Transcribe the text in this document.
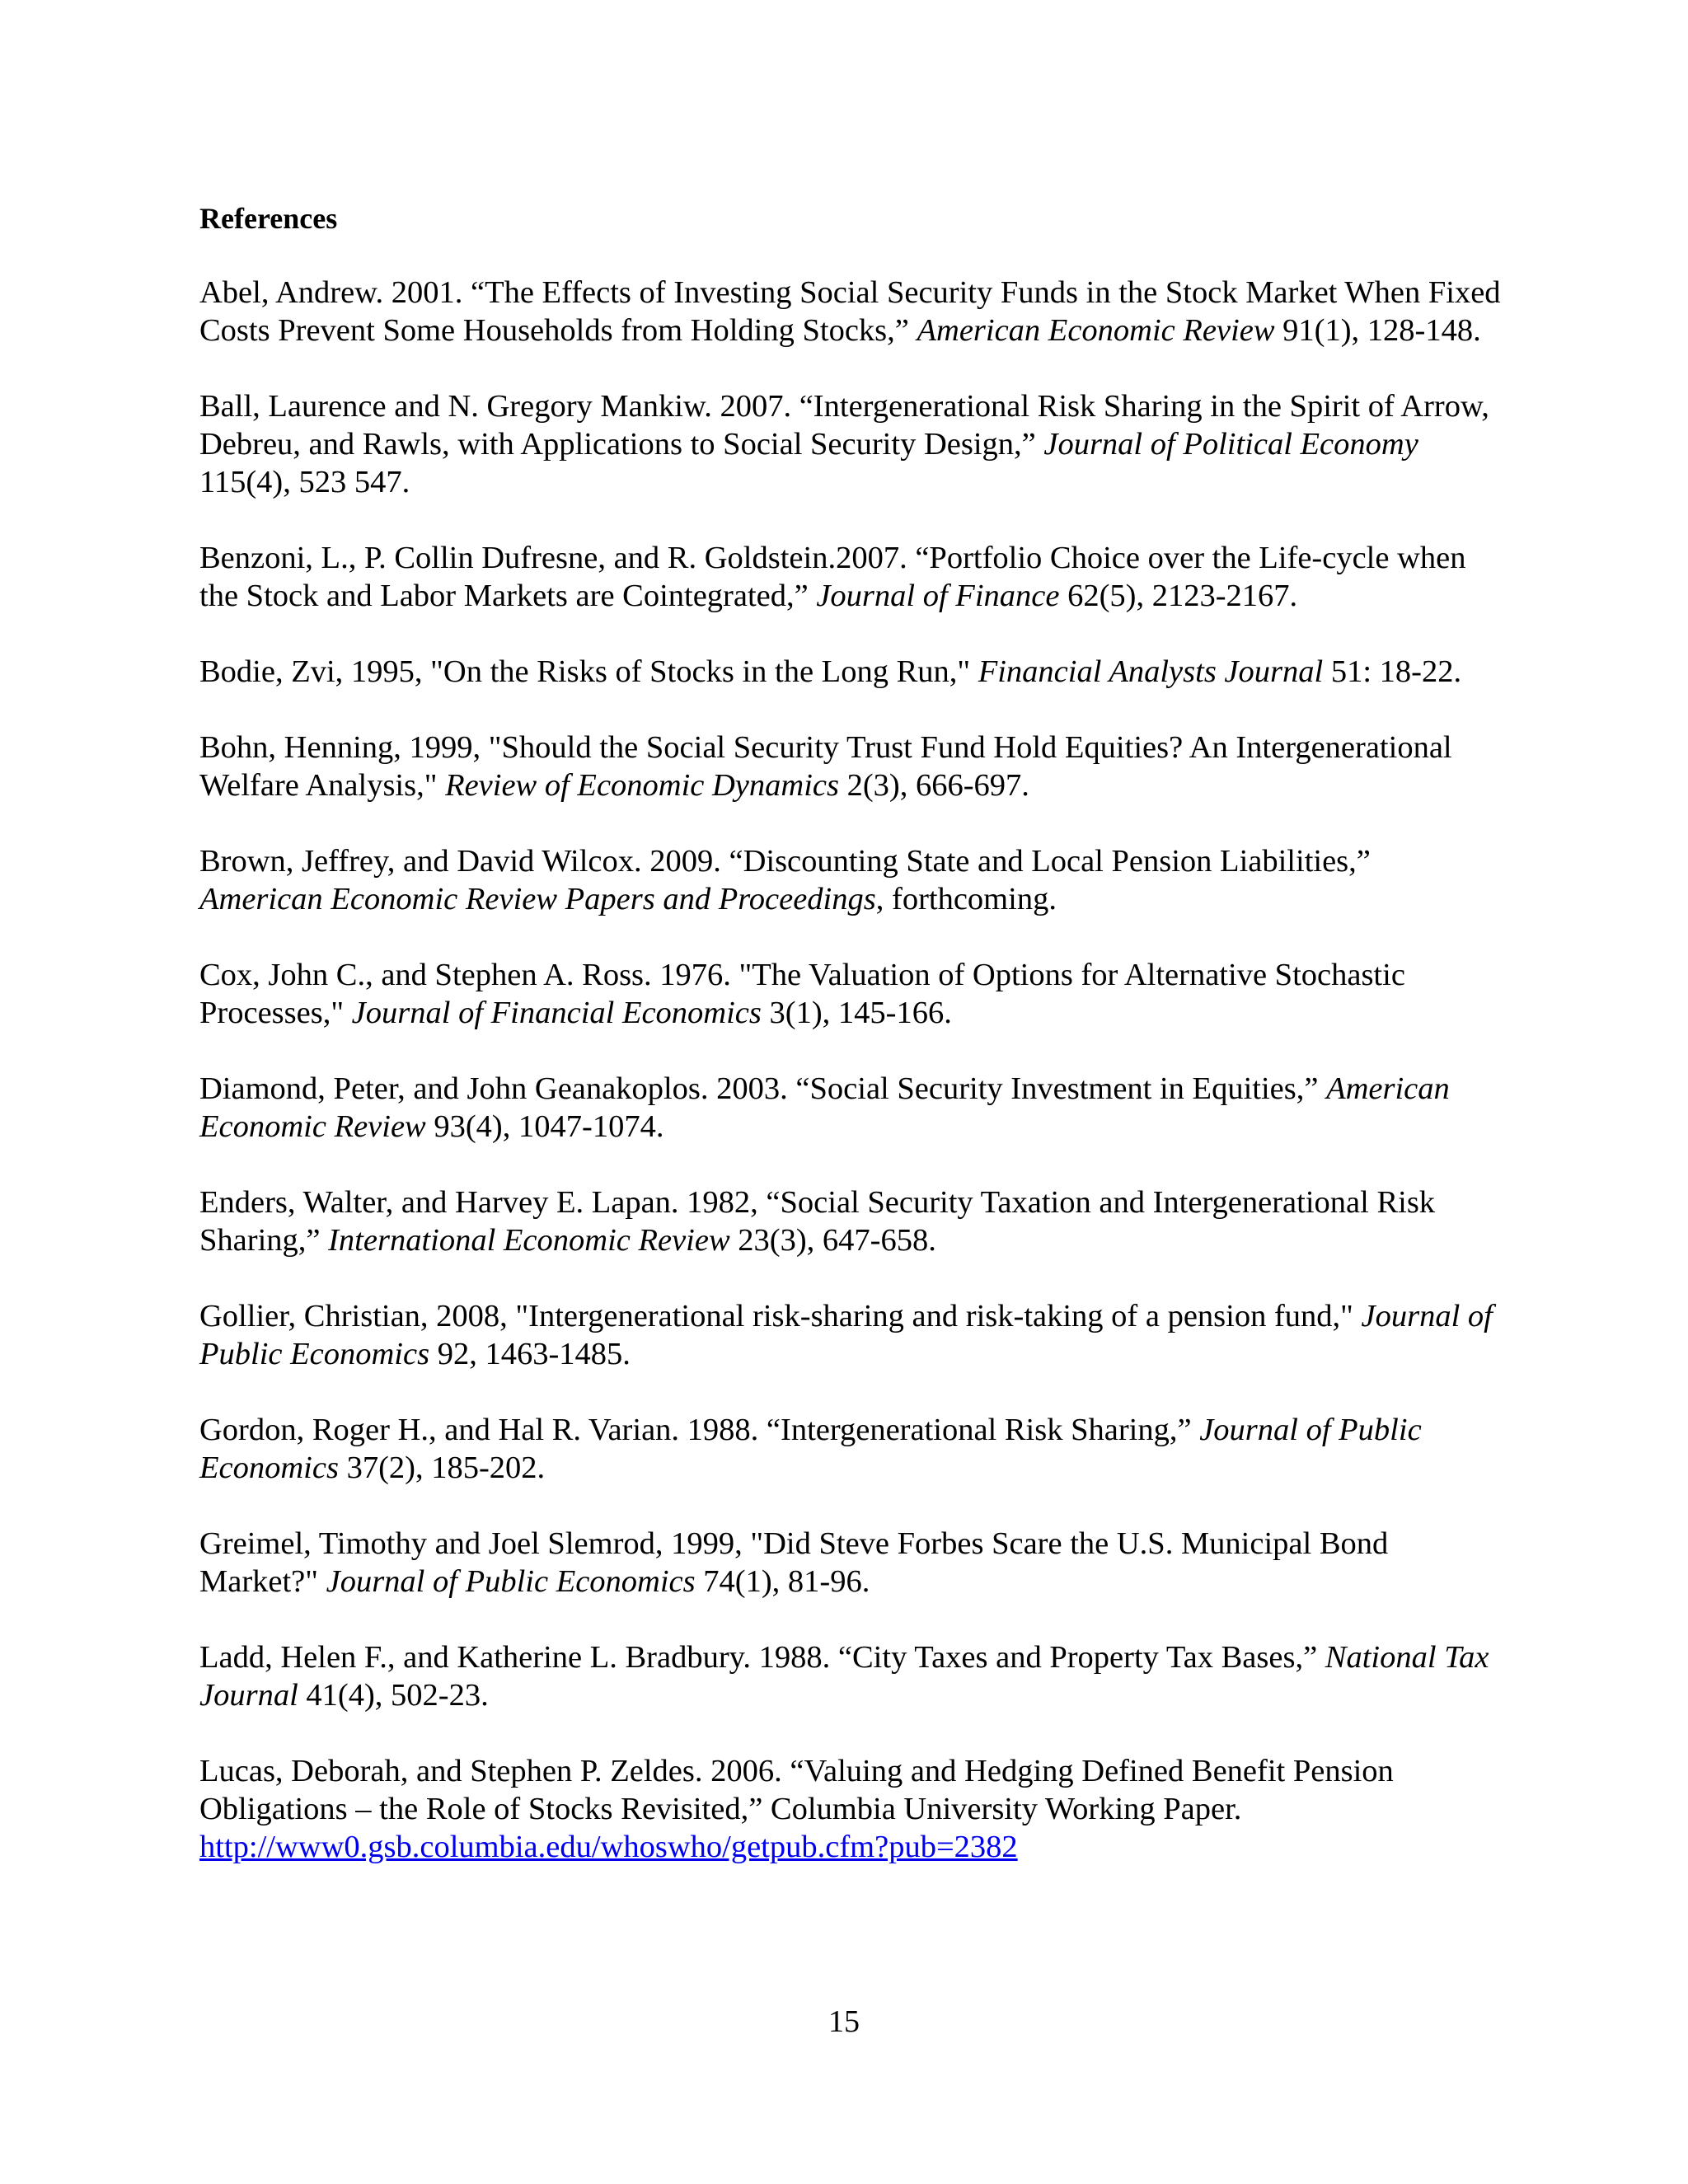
References
Abel, Andrew. 2001. “The Effects of Investing Social Security Funds in the Stock Market When Fixed Costs Prevent Some Households from Holding Stocks,” American Economic Review 91(1), 128-148.
Ball, Laurence and N. Gregory Mankiw. 2007. “Intergenerational Risk Sharing in the Spirit of Arrow, Debreu, and Rawls, with Applications to Social Security Design,” Journal of Political Economy 115(4), 523 547.
Benzoni, L., P. Collin Dufresne, and R. Goldstein.2007. “Portfolio Choice over the Life-cycle when the Stock and Labor Markets are Cointegrated,” Journal of Finance 62(5), 2123-2167.
Bodie, Zvi, 1995, "On the Risks of Stocks in the Long Run," Financial Analysts Journal 51: 18-22.
Bohn, Henning, 1999, "Should the Social Security Trust Fund Hold Equities? An Intergenerational Welfare Analysis," Review of Economic Dynamics 2(3), 666-697.
Brown, Jeffrey, and David Wilcox. 2009. “Discounting State and Local Pension Liabilities,” American Economic Review Papers and Proceedings, forthcoming.
Cox, John C., and Stephen A. Ross. 1976. "The Valuation of Options for Alternative Stochastic Processes," Journal of Financial Economics 3(1), 145-166.
Diamond, Peter, and John Geanakoplos. 2003. “Social Security Investment in Equities,” American Economic Review 93(4), 1047-1074.
Enders, Walter, and Harvey E. Lapan. 1982, “Social Security Taxation and Intergenerational Risk Sharing,” International Economic Review 23(3), 647-658.
Gollier, Christian, 2008, "Intergenerational risk-sharing and risk-taking of a pension fund," Journal of Public Economics 92, 1463-1485.
Gordon, Roger H., and Hal R. Varian. 1988. “Intergenerational Risk Sharing,” Journal of Public Economics 37(2), 185-202.
Greimel, Timothy and Joel Slemrod, 1999, "Did Steve Forbes Scare the U.S. Municipal Bond Market?" Journal of Public Economics 74(1), 81-96.
Ladd, Helen F., and Katherine L. Bradbury. 1988. “City Taxes and Property Tax Bases,” National Tax Journal 41(4), 502-23.
Lucas, Deborah, and Stephen P. Zeldes. 2006. “Valuing and Hedging Defined Benefit Pension Obligations – the Role of Stocks Revisited,” Columbia University Working Paper. http://www0.gsb.columbia.edu/whoswho/getpub.cfm?pub=2382
15
